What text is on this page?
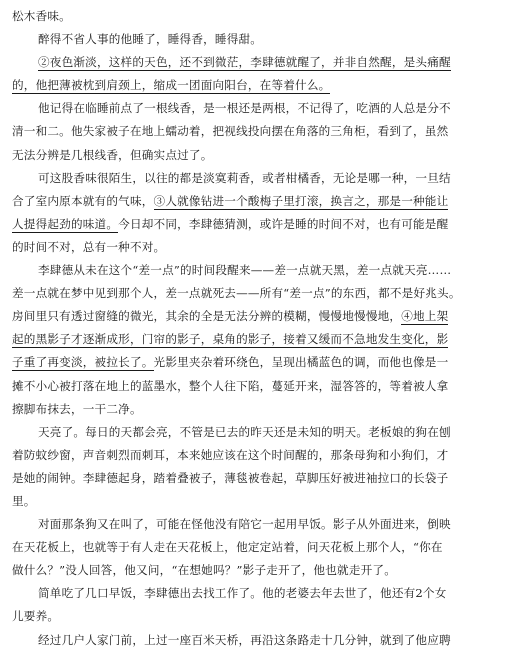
松木香味。
醉得不省人事的他睡了，睡得香，睡得甜。
②夜色渐淡，这样的天色，还不到微茫，李肆德就醒了，并非自然醒，是头痛醒
的，他把薄被枕到肩颈上，缩成一团面向阳台，在等着什么。
他记得在临睡前点了一根线香，是一根还是两根，不记得了，吃酒的人总是分不
清一和二。他失家被子在地上蠕动着，把视线投向摆在角落的三角柜，看到了，虽然
无法分辨是几根线香，但确实点过了。
可这股香味很陌生，以往的都是淡寞莉香，或者柑橘香，无论是哪一种，一旦结
合了室内原本就有的气味，③人就像钻进一个酸梅子里打滚，换言之，那是一种能让
人提得起劲的味道。今日却不同，李肆德猜测，或许是睡的时间不对，也有可能是醒
的时间不对，总有一种不对。
李肆德从未在这个“差一点”的时间段醒来——差一点就天黑，差一点就天亮……
差一点就在梦中见到那个人，差一点就死去——所有“差一点”的东西，都不是好兆头。
房间里只有透过窗缝的微光，其余的全是无法分辨的模糊，慢慢地慢慢地，④地上架
起的黑影子才逐渐成形，门帘的影子，桌角的影子，接着又缓而不急地发生变化，影
子重了再变淡，被拉长了。光影里夹杂着环绕色，呈现出橘蓝色的调，而他也像是一
摊不小心被打落在地上的蓝墨水，整个人往下陷，蔓延开来，湿答答的，等着被人拿
擦脚布抹去，一干二净。
天亮了。每日的天都会亮，不管是已去的昨天还是未知的明天。老板娘的狗在刨
着防蚊纱窗，声音刺烈而刺耳，本来她应该在这个时间醒的，那条母狗和小狗们，才
是她的闹钟。李肆德起身，踏着叠被子，薄毯被卷起，草脚压好被进袖拉口的长袋子
里。
对面那条狗又在叫了，可能在怪他没有陪它一起用早饭。影子从外面进来，倒映
在天花板上，也就等于有人走在天花板上，他定定站着，问天花板上那个人，“你在
做什么？”没人回答，他又问，“在想她吗？”影子走开了，他也就走开了。
简单吃了几口早饭，李肆德出去找工作了。他的老婆去年去世了，他还有2个女
儿要养。
经过几户人家门前，上过一座百米天桥，再沿这条路走十几分钟，就到了他应聘
